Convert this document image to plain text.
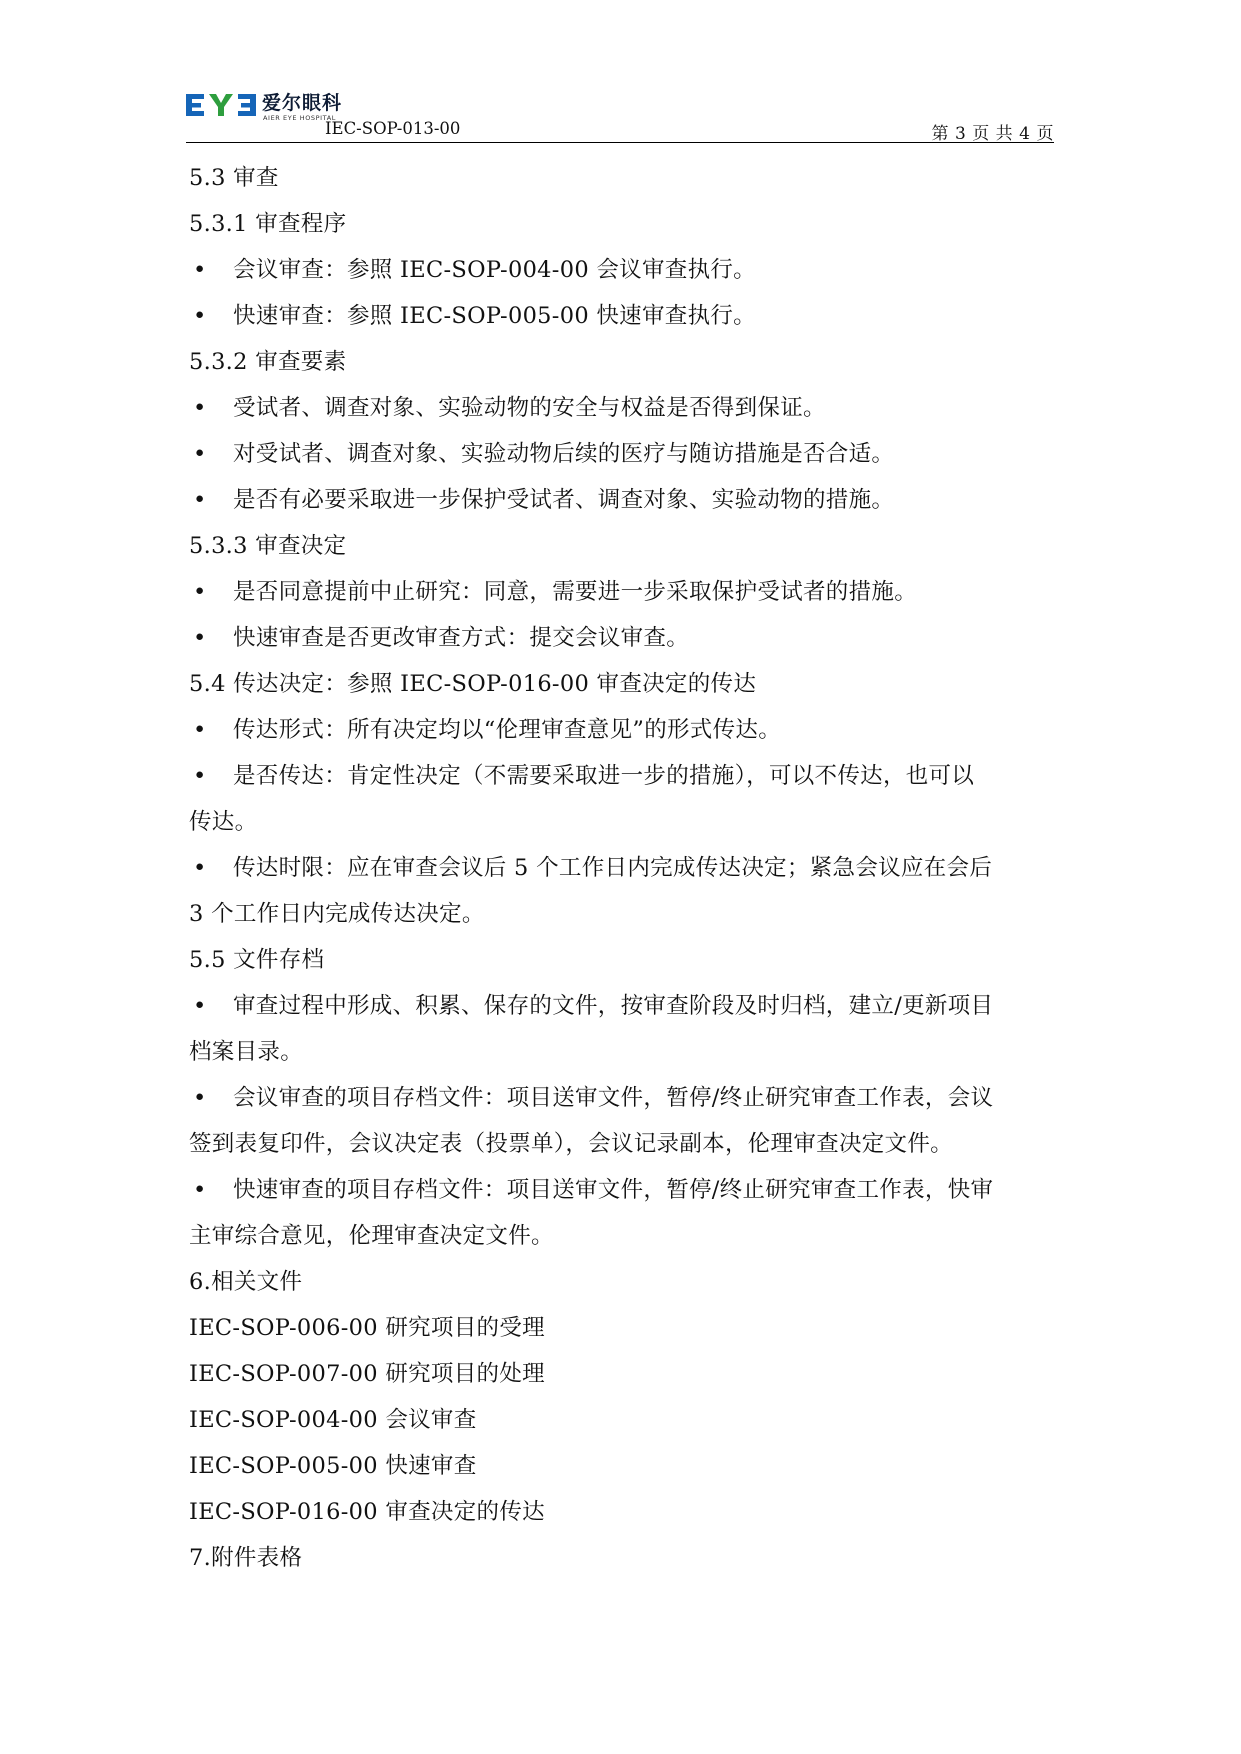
爱尔眼科
AIER EYE HOSPITAL
IEC-SOP-013-00	第 3 页 共 4 页
5.3 审查
5.3.1 审查程序
• 会议审查：参照 IEC-SOP-004-00 会议审查执行。
• 快速审查：参照 IEC-SOP-005-00 快速审查执行。
5.3.2 审查要素
• 受试者、调查对象、实验动物的安全与权益是否得到保证。
• 对受试者、调查对象、实验动物后续的医疗与随访措施是否合适。
• 是否有必要采取进一步保护受试者、调查对象、实验动物的措施。
5.3.3 审查决定
• 是否同意提前中止研究：同意，需要进一步采取保护受试者的措施。
• 快速审查是否更改审查方式：提交会议审查。
5.4 传达决定：参照 IEC-SOP-016-00 审查决定的传达
• 传达形式：所有决定均以“伦理审查意见”的形式传达。
• 是否传达：肯定性决定（不需要采取进一步的措施），可以不传达，也可以
传达。
• 传达时限：应在审查会议后 5 个工作日内完成传达决定；紧急会议应在会后
3 个工作日内完成传达决定。
5.5 文件存档
• 审查过程中形成、积累、保存的文件，按审查阶段及时归档，建立/更新项目
档案目录。
• 会议审查的项目存档文件：项目送审文件，暂停/终止研究审查工作表，会议
签到表复印件，会议决定表（投票单），会议记录副本，伦理审查决定文件。
• 快速审查的项目存档文件：项目送审文件，暂停/终止研究审查工作表，快审
主审综合意见，伦理审查决定文件。
6.相关文件
IEC-SOP-006-00 研究项目的受理
IEC-SOP-007-00 研究项目的处理
IEC-SOP-004-00 会议审查
IEC-SOP-005-00 快速审查
IEC-SOP-016-00 审查决定的传达
7.附件表格
